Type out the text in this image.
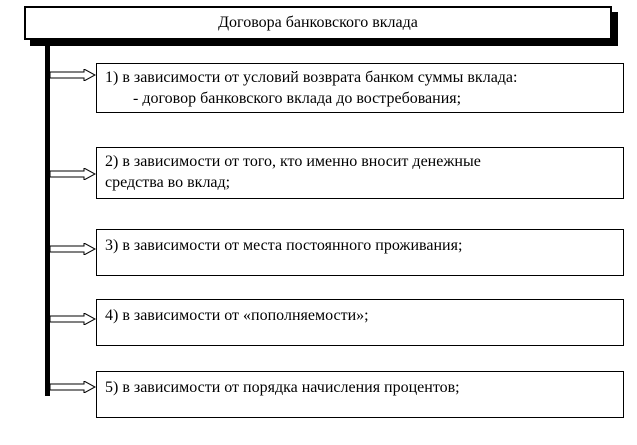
Договора банковского вклада
1) в зависимости от условий возврата банком суммы вклада:
- договор банковского вклада до востребования;
2) в зависимости от того, кто именно вносит денежные
средства во вклад;
3) в зависимости от места постоянного проживания;
4) в зависимости от «пополняемости»;
5) в зависимости от порядка начисления процентов;
